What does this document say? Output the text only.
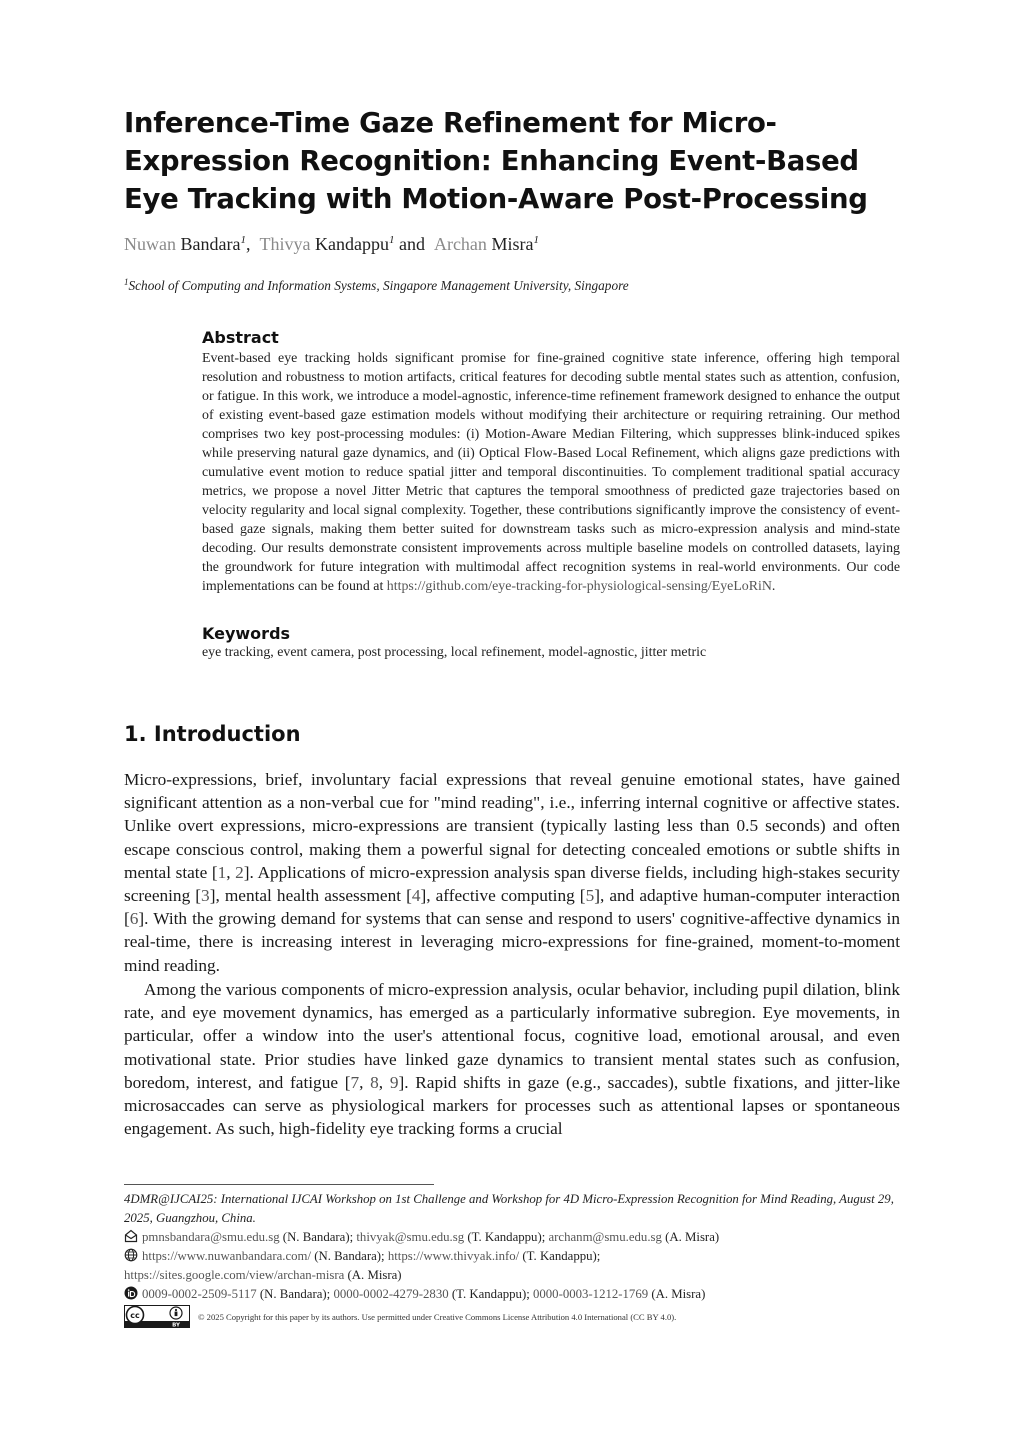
Inference-Time Gaze Refinement for Micro-Expression Recognition: Enhancing Event-Based Eye Tracking with Motion-Aware Post-Processing
Nuwan Bandara$^1$, Thivya Kandappu$^1$ and Archan Misra$^1$
$^1$School of Computing and Information Systems, Singapore Management University, Singapore
Abstract

Event-based eye tracking holds significant promise for fine-grained cognitive state inference, offering high temporal resolution and robustness to motion artifacts, critical features for decoding subtle mental states such as attention, confusion, or fatigue. In this work, we introduce a model-agnostic, inference-time refinement framework designed to enhance the output of existing event-based gaze estimation models without modifying their architecture or requiring retraining. Our method comprises two key post-processing modules: (i) Motion-Aware Median Filtering, which suppresses blink-induced spikes while preserving natural gaze dynamics, and (ii) Optical Flow-Based Local Refinement, which aligns gaze predictions with cumulative event motion to reduce spatial jitter and temporal discontinuities. To complement traditional spatial accuracy metrics, we propose a novel Jitter Metric that captures the temporal smoothness of predicted gaze trajectories based on velocity regularity and local signal complexity. Together, these contributions significantly improve the consistency of event-based gaze signals, making them better suited for downstream tasks such as micro-expression analysis and mind-state decoding. Our results demonstrate consistent improvements across multiple baseline models on controlled datasets, laying the groundwork for future integration with multimodal affect recognition systems in real-world environments. Our code implementations can be found at https://github.com/eye-tracking-for-physiological-sensing/EyeLoRiN.

Keywords
eye tracking, event camera, post processing, local refinement, model-agnostic, jitter metric
1. Introduction

Micro-expressions, brief, involuntary facial expressions that reveal genuine emotional states, have gained significant attention as a non-verbal cue for "mind reading", i.e., inferring internal cognitive or affective states. Unlike overt expressions, micro-expressions are transient (typically lasting less than 0.5 seconds) and often escape conscious control, making them a powerful signal for detecting concealed emotions or subtle shifts in mental state [1, 2]. Applications of micro-expression analysis span diverse fields, including high-stakes security screening [3], mental health assessment [4], affective computing [5], and adaptive human-computer interaction [6]. With the growing demand for systems that can sense and respond to users' cognitive-affective dynamics in real-time, there is increasing interest in leveraging micro-expressions for fine-grained, moment-to-moment mind reading.

Among the various components of micro-expression analysis, ocular behavior, including pupil dilation, blink rate, and eye movement dynamics, has emerged as a particularly informative subregion. Eye movements, in particular, offer a window into the user's attentional focus, cognitive load, emotional arousal, and even motivational state. Prior studies have linked gaze dynamics to transient mental states such as confusion, boredom, interest, and fatigue [7, 8, 9]. Rapid shifts in gaze (e.g., saccades), subtle fixations, and jitter-like microsaccades can serve as physiological markers for processes such as attentional lapses or spontaneous engagement. As such, high-fidelity eye tracking forms a crucial

4DMR@IJCAI25: International IJCAI Workshop on 1st Challenge and Workshop for 4D Micro-Expression Recognition for Mind Reading, August 29, 2025, Guangzhou, China.

pmnsbandara@smu.edu.sg (N. Bandara); thivyak@smu.edu.sg (T. Kandappu); archanm@smu.edu.sg (A. Misra)
https://www.nuwanbandara.com/ (N. Bandara); https://www.thivyak.info/ (T. Kandappu);
https://sites.google.com/view/archan-misra (A. Misra)
0009-0002-2509-5117 (N. Bandara); 0000-0002-4279-2830 (T. Kandappu); 0000-0003-1212-1769 (A. Misra)
cc
BY
© 2025 Copyright for this paper by its authors. Use permitted under Creative Commons License Attribution 4.0 International (CC BY 4.0).
